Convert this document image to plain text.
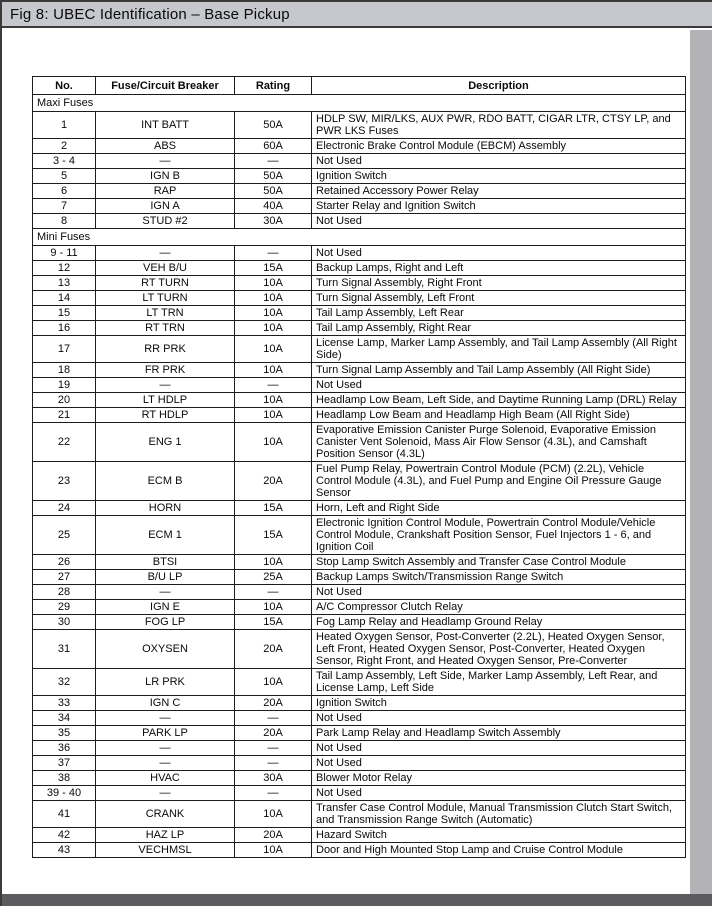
Fig 8: UBEC Identification – Base Pickup
No.	Fuse/Circuit Breaker	Rating	Description
Maxi Fuses			
1	INT BATT	50A	HDLP SW, MIR/LKS, AUX PWR, RDO BATT, CIGAR LTR, CTSY LP, and PWR LKS Fuses
2	ABS	60A	Electronic Brake Control Module (EBCM) Assembly
3 - 4	—	—	Not Used
5	IGN B	50A	Ignition Switch
6	RAP	50A	Retained Accessory Power Relay
7	IGN A	40A	Starter Relay and Ignition Switch
8	STUD #2	30A	Not Used
Mini Fuses			
9 - 11	—	—	Not Used
12	VEH B/U	15A	Backup Lamps, Right and Left
13	RT TURN	10A	Turn Signal Assembly, Right Front
14	LT TURN	10A	Turn Signal Assembly, Left Front
15	LT TRN	10A	Tail Lamp Assembly, Left Rear
16	RT TRN	10A	Tail Lamp Assembly, Right Rear
17	RR PRK	10A	License Lamp, Marker Lamp Assembly, and Tail Lamp Assembly (All Right Side)
18	FR PRK	10A	Turn Signal Lamp Assembly and Tail Lamp Assembly (All Right Side)
19	—	—	Not Used
20	LT HDLP	10A	Headlamp Low Beam, Left Side, and Daytime Running Lamp (DRL) Relay
21	RT HDLP	10A	Headlamp Low Beam and Headlamp High Beam (All Right Side)
22	ENG 1	10A	Evaporative Emission Canister Purge Solenoid, Evaporative Emission Canister Vent Solenoid, Mass Air Flow Sensor (4.3L), and Camshaft Position Sensor (4.3L)
23	ECM B	20A	Fuel Pump Relay, Powertrain Control Module (PCM) (2.2L), Vehicle Control Module (4.3L), and Fuel Pump and Engine Oil Pressure Gauge Sensor
24	HORN	15A	Horn, Left and Right Side
25	ECM 1	15A	Electronic Ignition Control Module, Powertrain Control Module/Vehicle Control Module, Crankshaft Position Sensor, Fuel Injectors 1 - 6, and Ignition Coil
26	BTSI	10A	Stop Lamp Switch Assembly and Transfer Case Control Module
27	B/U LP	25A	Backup Lamps Switch/Transmission Range Switch
28	—	—	Not Used
29	IGN E	10A	A/C Compressor Clutch Relay
30	FOG LP	15A	Fog Lamp Relay and Headlamp Ground Relay
31	OXYSEN	20A	Heated Oxygen Sensor, Post-Converter (2.2L), Heated Oxygen Sensor, Left Front, Heated Oxygen Sensor, Post-Converter, Heated Oxygen Sensor, Right Front, and Heated Oxygen Sensor, Pre-Converter
32	LR PRK	10A	Tail Lamp Assembly, Left Side, Marker Lamp Assembly, Left Rear, and License Lamp, Left Side
33	IGN C	20A	Ignition Switch
34	—	—	Not Used
35	PARK LP	20A	Park Lamp Relay and Headlamp Switch Assembly
36	—	—	Not Used
37	—	—	Not Used
38	HVAC	30A	Blower Motor Relay
39 - 40	—	—	Not Used
41	CRANK	10A	Transfer Case Control Module, Manual Transmission Clutch Start Switch, and Transmission Range Switch (Automatic)
42	HAZ LP	20A	Hazard Switch
43	VECHMSL	10A	Door and High Mounted Stop Lamp and Cruise Control Module
